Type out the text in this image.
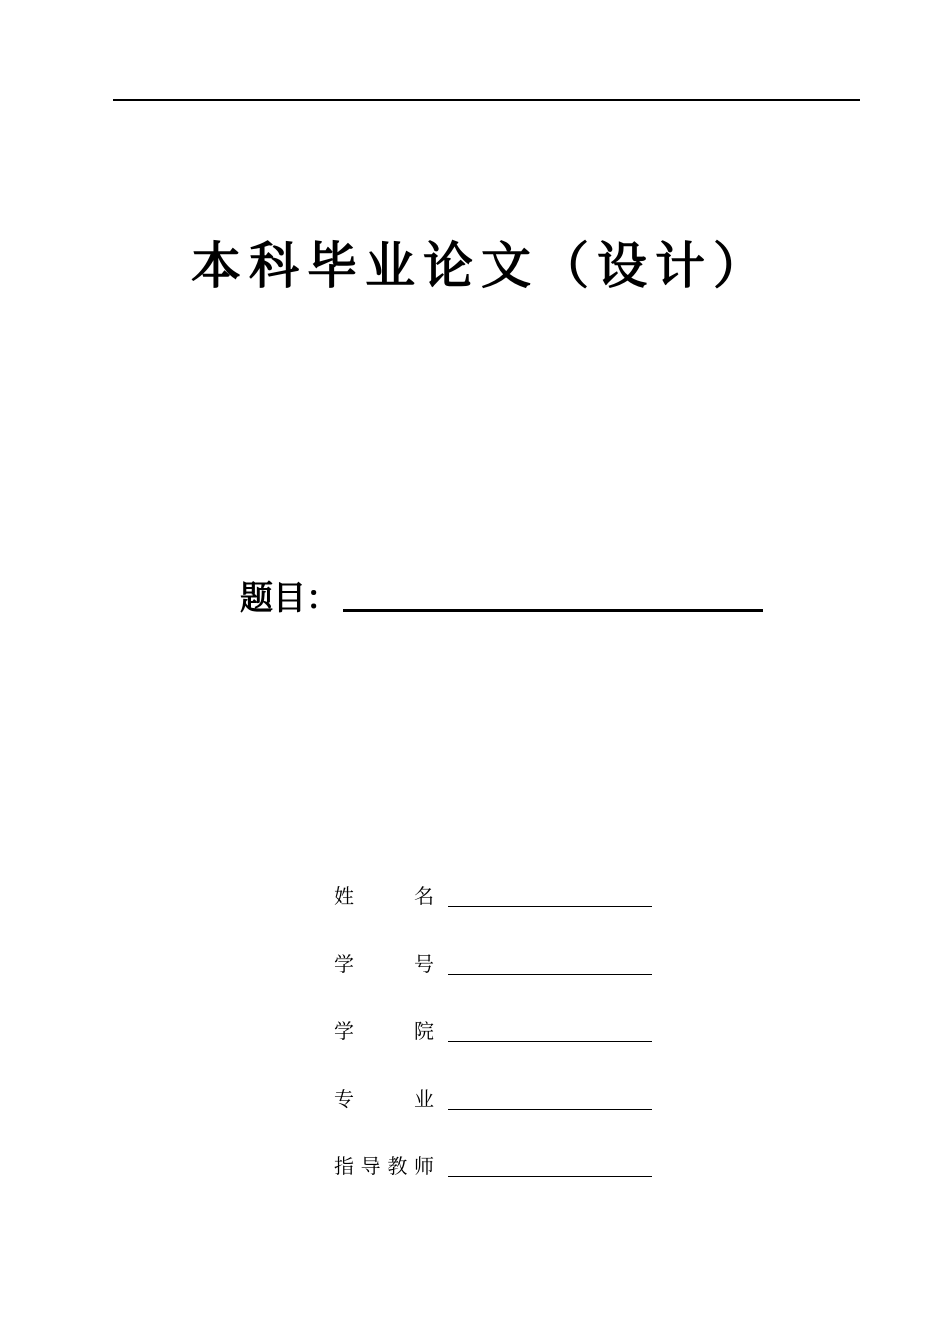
本科毕业论文（设计）
题目：
姓	名
学	号
学	院
专	业
指 导 教 师
